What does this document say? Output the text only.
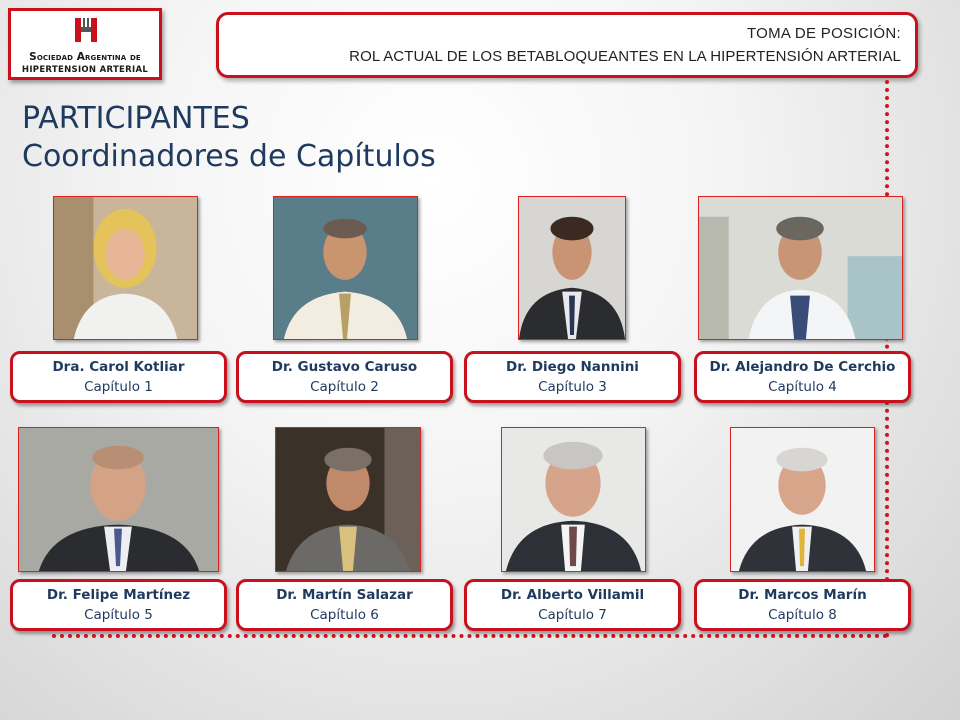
Sociedad Argentina de
HIPERTENSION ARTERIAL
TOMA DE POSICIÓN:
ROL ACTUAL DE LOS BETABLOQUEANTES EN LA HIPERTENSIÓN ARTERIAL
PARTICIPANTES
Coordinadores de Capítulos
Dra. Carol Kotliar
Capítulo 1
Dr. Gustavo Caruso
Capítulo 2
Dr. Diego Nannini
Capítulo 3
Dr. Alejandro De Cerchio
Capítulo 4
Dr. Felipe Martínez
Capítulo 5
Dr. Martín Salazar
Capítulo 6
Dr. Alberto Villamil
Capítulo 7
Dr. Marcos Marín
Capítulo 8
